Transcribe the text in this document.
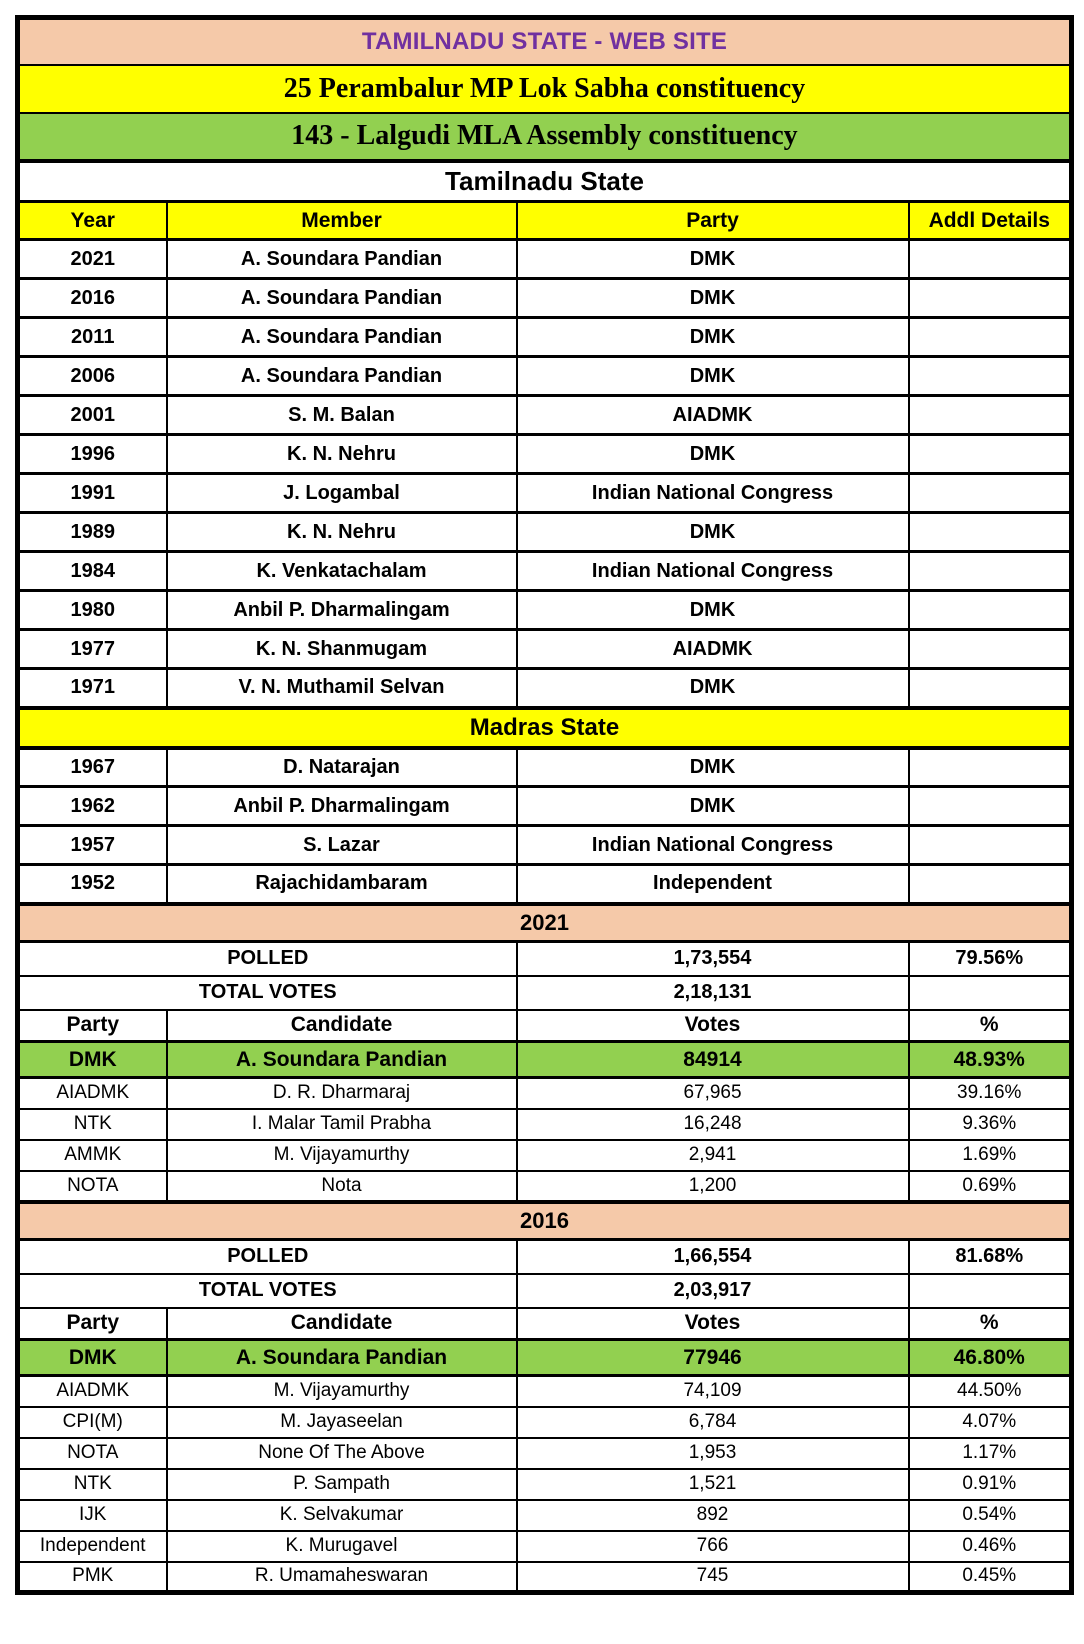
TAMILNADU STATE - WEB SITE			
25 Perambalur MP Lok Sabha constituency			
143 - Lalgudi MLA Assembly constituency			
Tamilnadu State			
Year	Member	Party	Addl Details
2021	A. Soundara Pandian	DMK	
2016	A. Soundara Pandian	DMK	
2011	A. Soundara Pandian	DMK	
2006	A. Soundara Pandian	DMK	
2001	S. M. Balan	AIADMK	
1996	K. N. Nehru	DMK	
1991	J. Logambal	Indian National Congress	
1989	K. N. Nehru	DMK	
1984	K. Venkatachalam	Indian National Congress	
1980	Anbil P. Dharmalingam	DMK	
1977	K. N. Shanmugam	AIADMK	
1971	V. N. Muthamil Selvan	DMK	
Madras State			
1967	D. Natarajan	DMK	
1962	Anbil P. Dharmalingam	DMK	
1957	S. Lazar	Indian National Congress	
1952	Rajachidambaram	Independent	
2021			
POLLED		1,73,554	79.56%
TOTAL VOTES		2,18,131	
Party	Candidate	Votes	%
DMK	A. Soundara Pandian	84914	48.93%
AIADMK	D. R. Dharmaraj	67,965	39.16%
NTK	I. Malar Tamil Prabha	16,248	9.36%
AMMK	M. Vijayamurthy	2,941	1.69%
NOTA	Nota	1,200	0.69%
2016			
POLLED		1,66,554	81.68%
TOTAL VOTES		2,03,917	
Party	Candidate	Votes	%
DMK	A. Soundara Pandian	77946	46.80%
AIADMK	M. Vijayamurthy	74,109	44.50%
CPI(M)	M. Jayaseelan	6,784	4.07%
NOTA	None Of The Above	1,953	1.17%
NTK	P. Sampath	1,521	0.91%
IJK	K. Selvakumar	892	0.54%
Independent	K. Murugavel	766	0.46%
PMK	R. Umamaheswaran	745	0.45%
